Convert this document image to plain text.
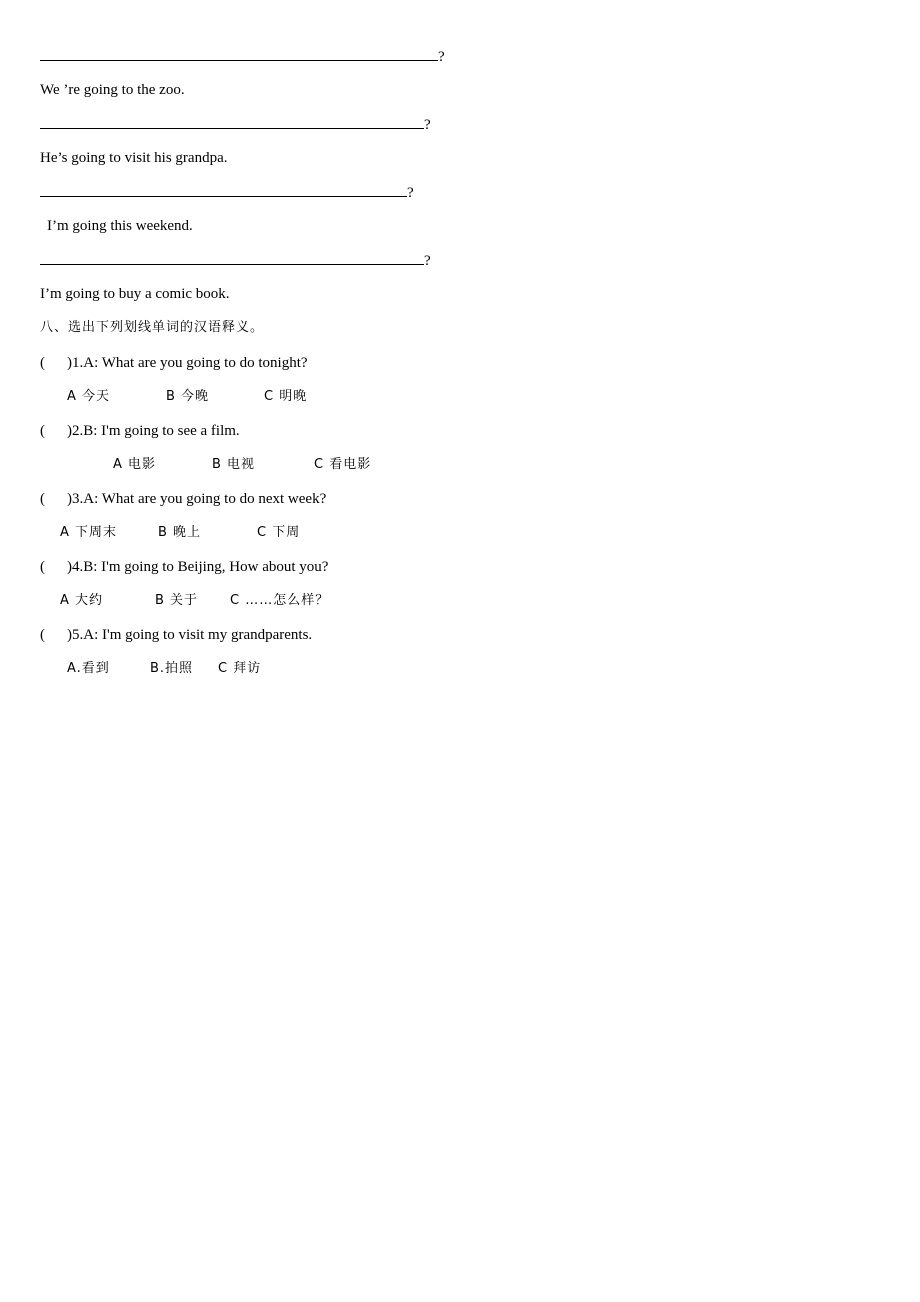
?
We ’re going to the zoo.
?
He’s going to visit his grandpa.
?
I’m going this weekend.
?
I’m going to buy a comic book.
八、选出下列划线单词的汉语释义。
( )1.A: What are you going to do tonight?
A 今天	B 今晚	C 明晚
( )2.B: I'm going to see a film.
A 电影	B 电视	C 看电影
( )3.A: What are you going to do next week?
A 下周末	B 晚上	C 下周
( )4.B: I'm going to Beijing, How about you?
A 大约	B 关于 C ……怎么样？
( )5.A: I'm going to visit my grandparents.
A.看到	B.拍照 C 拜访
